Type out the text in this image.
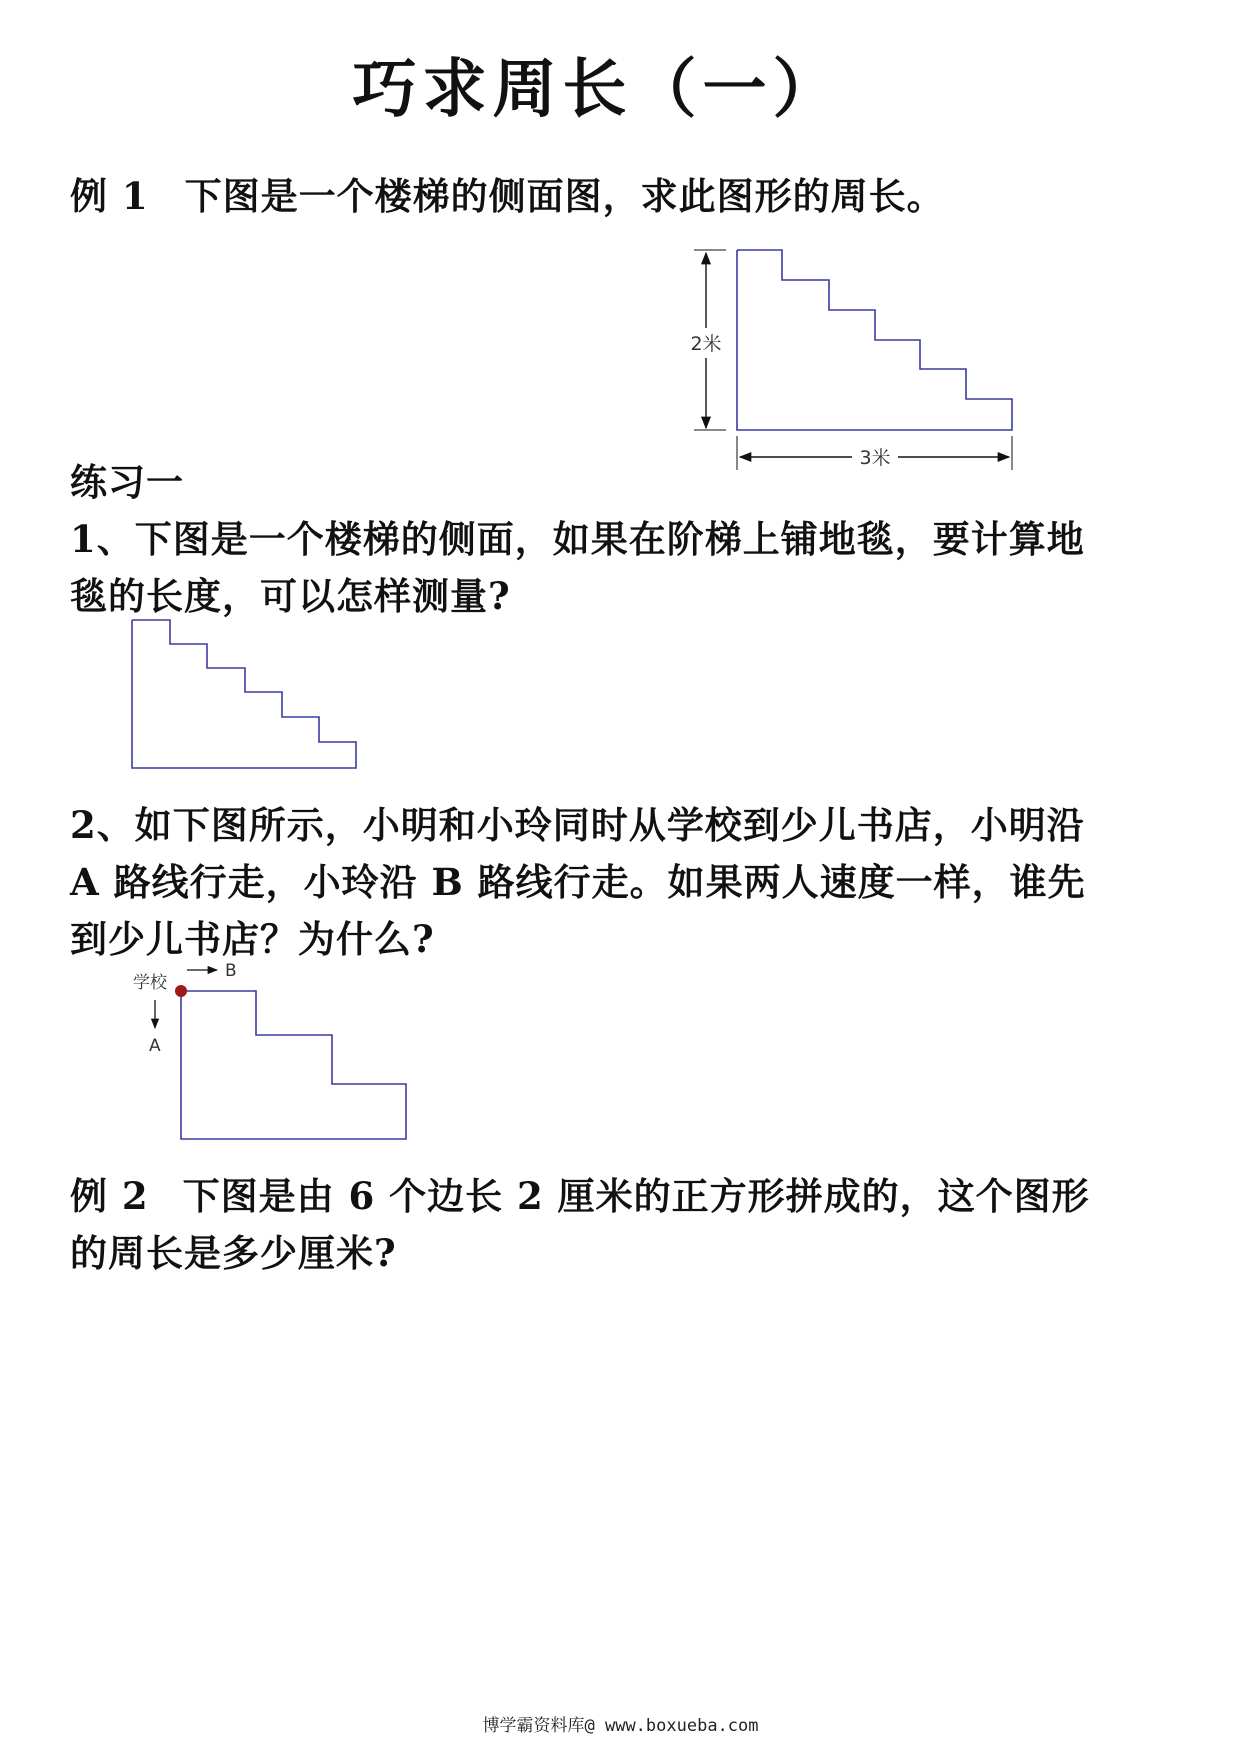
巧求周长（一）
例 1 下图是一个楼梯的侧面图，求此图形的周长。
2米
3米
练习一
1、下图是一个楼梯的侧面，如果在阶梯上铺地毯，要计算地
毯的长度，可以怎样测量?
2、如下图所示，小明和小玲同时从学校到少儿书店，小明沿
A 路线行走，小玲沿 B 路线行走。如果两人速度一样，谁先
到少儿书店？为什么?
学校
B
A
例 2 下图是由 6 个边长 2 厘米的正方形拼成的，这个图形
的周长是多少厘米?
博学霸资料库@ www.boxueba.com
